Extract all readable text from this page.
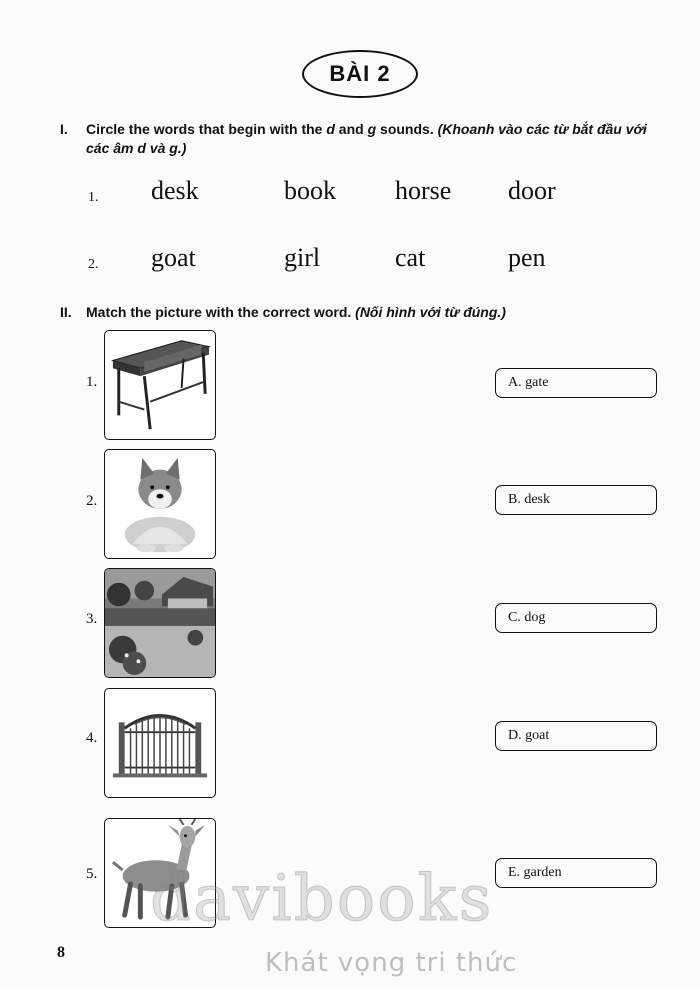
BÀI 2
I. Circle the words that begin with the d and g sounds. (Khoanh vào các từ bắt đầu với
các âm d và g.)
1. desk	book horse door
2. goat	girl	cat	pen
II. Match the picture with the correct word. (Nối hình với từ đúng.)
1.	A. gate
2.	B. desk
3.	C. dog
4.	D. goat
5.	E. garden
8
davibooks
Khát vọng tri thức
